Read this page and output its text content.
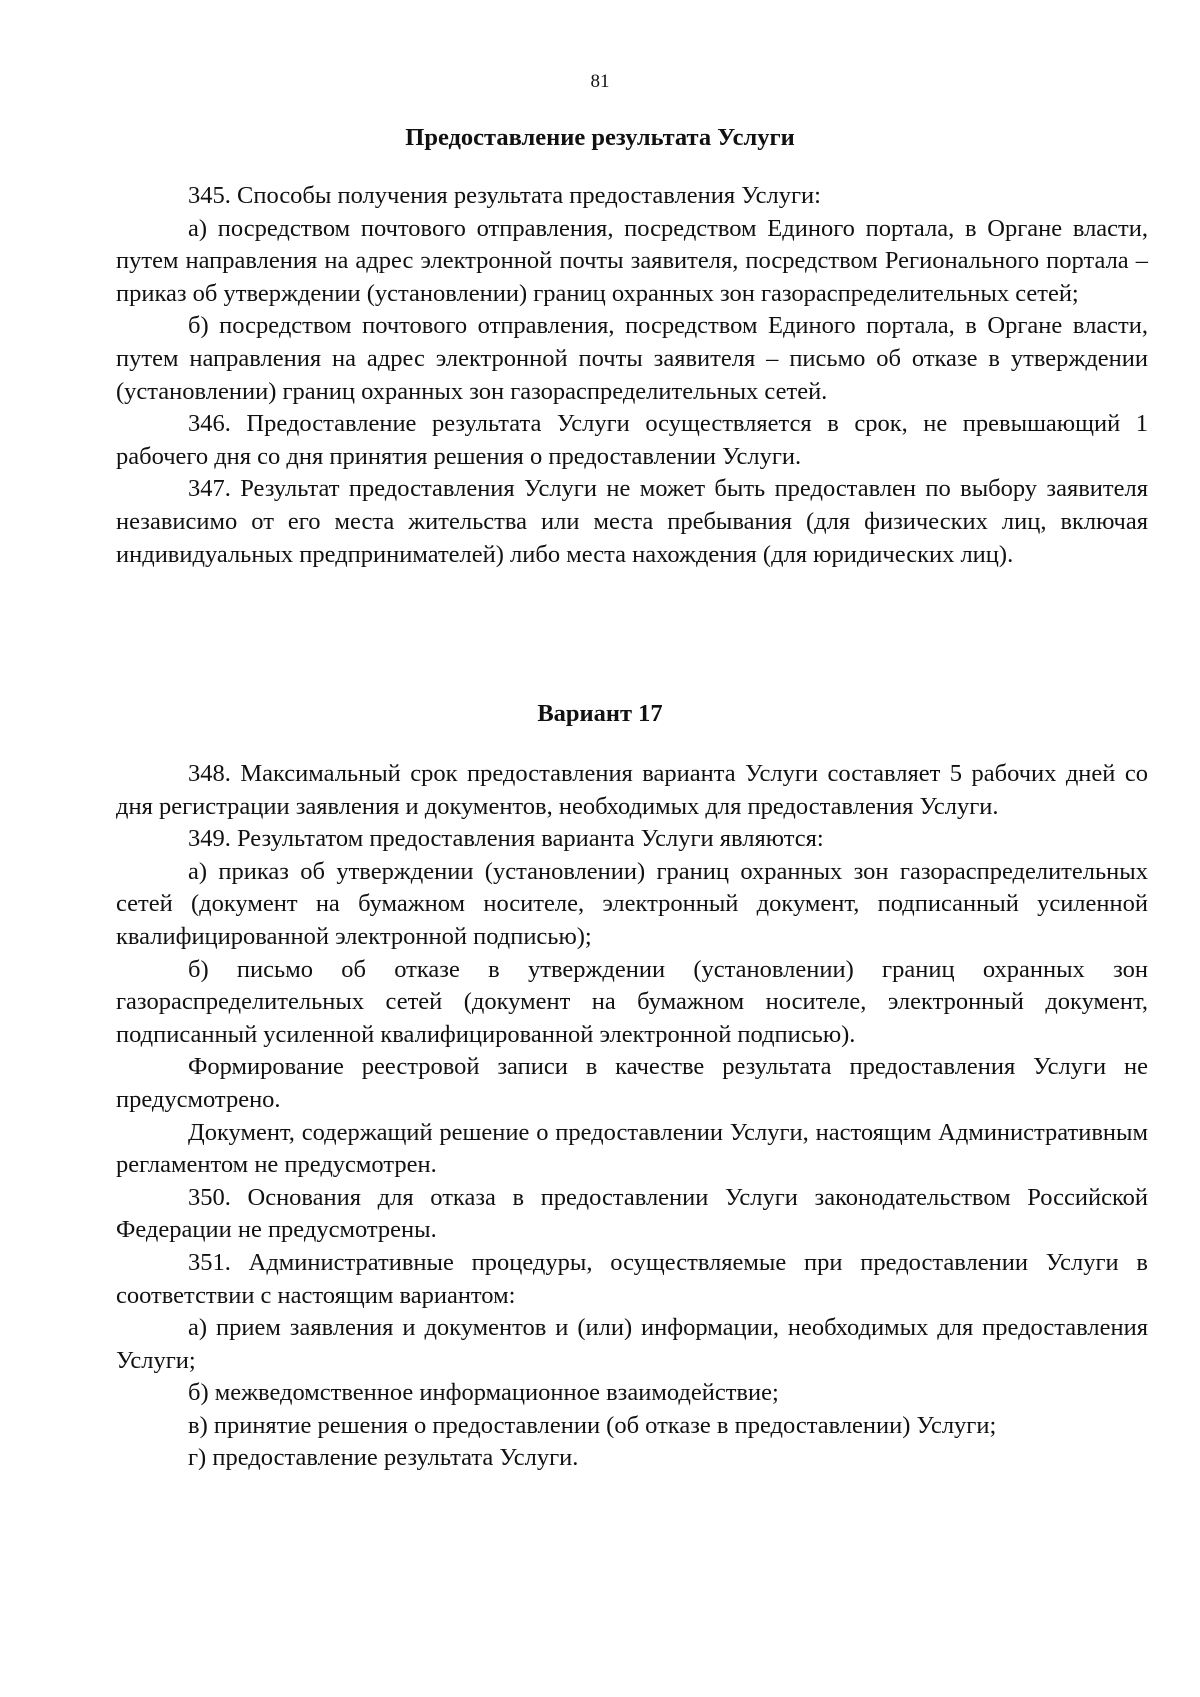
81
Предоставление результата Услуги

345. Способы получения результата предоставления Услуги:

а) посредством почтового отправления, посредством Единого портала, в Органе власти, путем направления на адрес электронной почты заявителя, посредством Регионального портала – приказ об утверждении (установлении) границ охранных зон газораспределительных сетей;

б) посредством почтового отправления, посредством Единого портала, в Органе власти, путем направления на адрес электронной почты заявителя – письмо об отказе в утверждении (установлении) границ охранных зон газораспределительных сетей.

346. Предоставление результата Услуги осуществляется в срок, не превышающий 1 рабочего дня со дня принятия решения о предоставлении Услуги.

347. Результат предоставления Услуги не может быть предоставлен по выбору заявителя независимо от его места жительства или места пребывания (для физических лиц, включая индивидуальных предпринимателей) либо места нахождения (для юридических лиц).

Вариант 17

348. Максимальный срок предоставления варианта Услуги составляет 5 рабочих дней со дня регистрации заявления и документов, необходимых для предоставления Услуги.

349. Результатом предоставления варианта Услуги являются:

а) приказ об утверждении (установлении) границ охранных зон газораспределительных сетей (документ на бумажном носителе, электронный документ, подписанный усиленной квалифицированной электронной подписью);

б) письмо об отказе в утверждении (установлении) границ охранных зон газораспределительных сетей (документ на бумажном носителе, электронный документ, подписанный усиленной квалифицированной электронной подписью).

Формирование реестровой записи в качестве результата предоставления Услуги не предусмотрено.

Документ, содержащий решение о предоставлении Услуги, настоящим Административным регламентом не предусмотрен.

350. Основания для отказа в предоставлении Услуги законодательством Российской Федерации не предусмотрены.

351. Административные процедуры, осуществляемые при предоставлении Услуги в соответствии с настоящим вариантом:

а) прием заявления и документов и (или) информации, необходимых для предоставления Услуги;

б) межведомственное информационное взаимодействие;

в) принятие решения о предоставлении (об отказе в предоставлении) Услуги;

г) предоставление результата Услуги.
